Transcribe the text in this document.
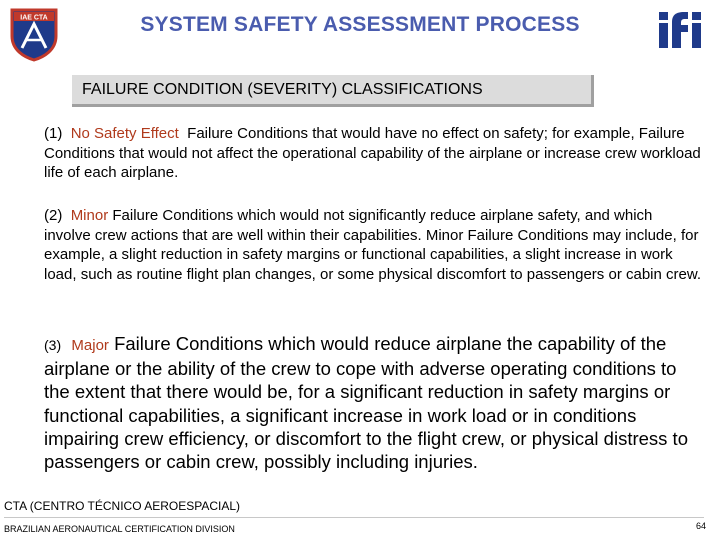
IAE CTA	SYSTEM SAFETY ASSESSMENT PROCESS
ifi
FAILURE CONDITION (SEVERITY) CLASSIFICATIONS
(1) No Safety Effect Failure Conditions that would have no effect on safety; for example, Failure Conditions that would not affect the operational capability of the airplane or increase crew workload life of each airplane.
(2) Minor Failure Conditions which would not significantly reduce airplane safety, and which involve crew actions that are well within their capabilities. Minor Failure Conditions may include, for example, a slight reduction in safety margins or functional capabilities, a slight increase in work load, such as routine flight plan changes, or some physical discomfort to passengers or cabin crew.
(3) Major Failure Conditions which would reduce airplane the capability of the airplane or the ability of the crew to cope with adverse operating conditions to the extent that there would be, for a significant reduction in safety margins or functional capabilities, a significant increase in work load or in conditions impairing crew efficiency, or discomfort to the flight crew, or physical distress to passengers or cabin crew, possibly including injuries.
CTA (CENTRO TÉCNICO AEROESPACIAL)
BRAZILIAN AERONAUTICAL CERTIFICATION DIVISION	64
